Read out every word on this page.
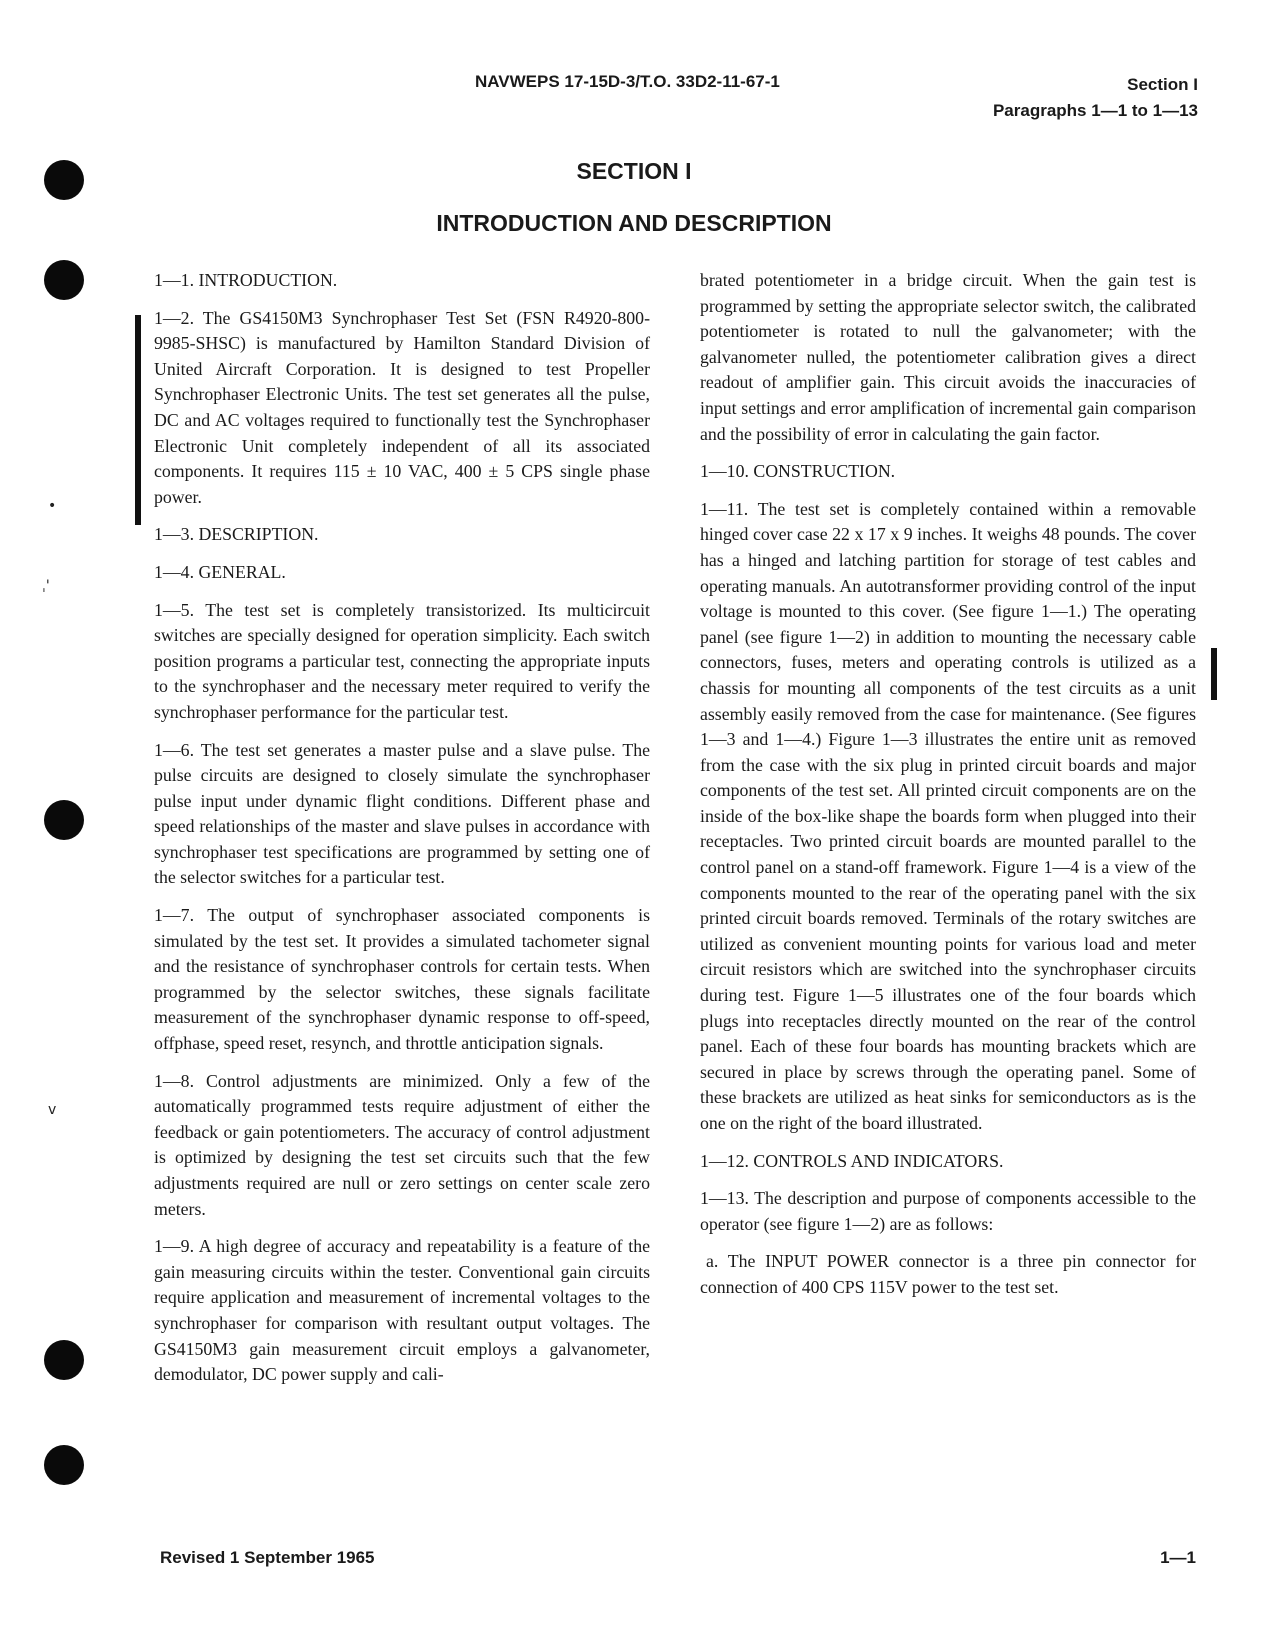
•
ˌ'
v
NAVWEPS 17-15D-3/T.O. 33D2-11-67-1	Section I
Paragraphs 1—1 to 1—13
SECTION I
INTRODUCTION AND DESCRIPTION

1—1. INTRODUCTION.

1—2. The GS4150M3 Synchrophaser Test Set (FSN R4920-800-9985-SHSC) is manufactured by Hamilton Standard Division of United Aircraft Corporation. It is designed to test Propeller Synchrophaser Electronic Units. The test set generates all the pulse, DC and AC voltages required to functionally test the Synchrophaser Electronic Unit completely independent of all its associated components. It requires 115 ± 10 VAC, 400 ± 5 CPS single phase power.

1—3. DESCRIPTION.

1—4. GENERAL.

1—5. The test set is completely transistorized. Its multicircuit switches are specially designed for operation simplicity. Each switch position programs a particular test, connecting the appropriate inputs to the synchrophaser and the necessary meter required to verify the synchrophaser performance for the particular test.

1—6. The test set generates a master pulse and a slave pulse. The pulse circuits are designed to closely simulate the synchrophaser pulse input under dynamic flight conditions. Different phase and speed relationships of the master and slave pulses in accordance with synchrophaser test specifications are programmed by setting one of the selector switches for a particular test.

1—7. The output of synchrophaser associated components is simulated by the test set. It provides a simulated tachometer signal and the resistance of synchrophaser controls for certain tests. When programmed by the selector switches, these signals facilitate measurement of the synchrophaser dynamic response to off-speed, offphase, speed reset, resynch, and throttle anticipation signals.

1—8. Control adjustments are minimized. Only a few of the automatically programmed tests require adjustment of either the feedback or gain potentiometers. The accuracy of control adjustment is optimized by designing the test set circuits such that the few adjustments required are null or zero settings on center scale zero meters.

1—9. A high degree of accuracy and repeatability is a feature of the gain measuring circuits within the tester. Conventional gain circuits require application and measurement of incremental voltages to the synchrophaser for comparison with resultant output voltages. The GS4150M3 gain measurement circuit employs a galvanometer, demodulator, DC power supply and cali-

brated potentiometer in a bridge circuit. When the gain test is programmed by setting the appropriate selector switch, the calibrated potentiometer is rotated to null the galvanometer; with the galvanometer nulled, the potentiometer calibration gives a direct readout of amplifier gain. This circuit avoids the inaccuracies of input settings and error amplification of incremental gain comparison and the possibility of error in calculating the gain factor.

1—10. CONSTRUCTION.

1—11. The test set is completely contained within a removable hinged cover case 22 x 17 x 9 inches. It weighs 48 pounds. The cover has a hinged and latching partition for storage of test cables and operating manuals. An autotransformer providing control of the input voltage is mounted to this cover. (See figure 1—1.) The operating panel (see figure 1—2) in addition to mounting the necessary cable connectors, fuses, meters and operating controls is utilized as a chassis for mounting all components of the test circuits as a unit assembly easily removed from the case for maintenance. (See figures 1—3 and 1—4.) Figure 1—3 illustrates the entire unit as removed from the case with the six plug in printed circuit boards and major components of the test set. All printed circuit components are on the inside of the box-like shape the boards form when plugged into their receptacles. Two printed circuit boards are mounted parallel to the control panel on a stand-off framework. Figure 1—4 is a view of the components mounted to the rear of the operating panel with the six printed circuit boards removed. Terminals of the rotary switches are utilized as convenient mounting points for various load and meter circuit resistors which are switched into the synchrophaser circuits during test. Figure 1—5 illustrates one of the four boards which plugs into receptacles directly mounted on the rear of the control panel. Each of these four boards has mounting brackets which are secured in place by screws through the operating panel. Some of these brackets are utilized as heat sinks for semiconductors as is the one on the right of the board illustrated.

1—12. CONTROLS AND INDICATORS.

1—13. The description and purpose of components accessible to the operator (see figure 1—2) are as follows:

a. The INPUT POWER connector is a three pin connector for connection of 400 CPS 115V power to the test set.

Revised 1 September 1965	1—1
